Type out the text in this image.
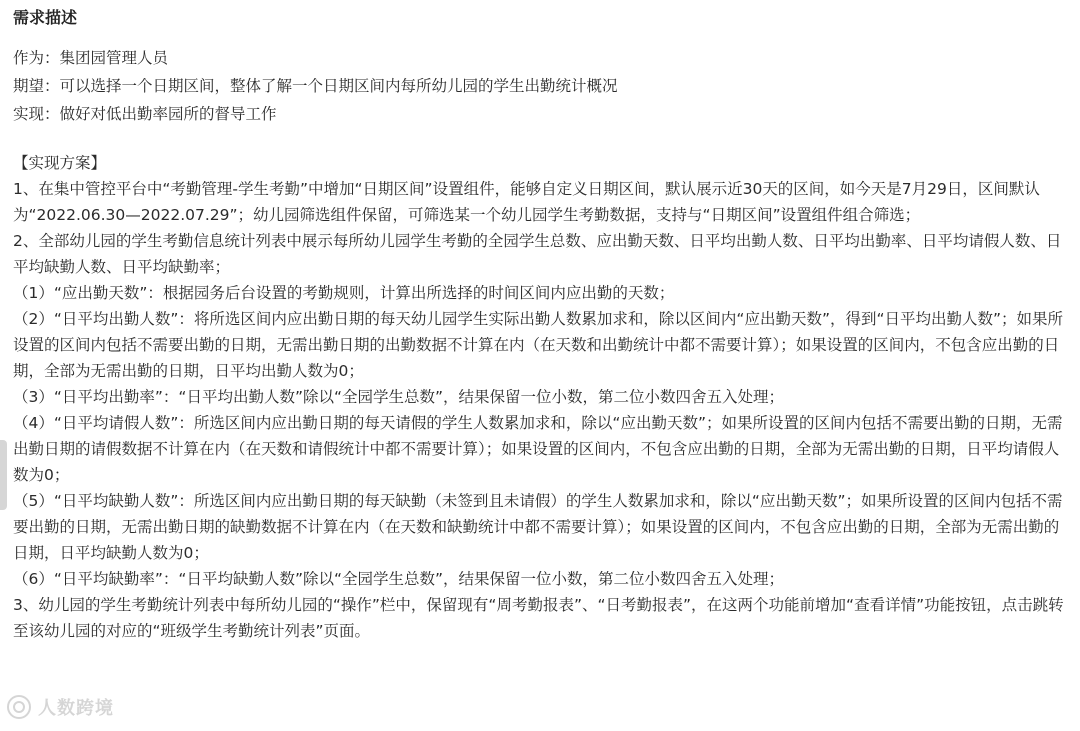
需求描述

作为：集团园管理人员

期望：可以选择一个日期区间，整体了解一个日期区间内每所幼儿园的学生出勤统计概况

实现：做好对低出勤率园所的督导工作

【实现方案】

1、在集中管控平台中“考勤管理-学生考勤”中增加“日期区间”设置组件，能够自定义日期区间，默认展示近30天的区间，如今天是7月29日，区间默认为“2022.06.30—2022.07.29”；幼儿园筛选组件保留，可筛选某一个幼儿园学生考勤数据，支持与“日期区间”设置组件组合筛选；

2、全部幼儿园的学生考勤信息统计列表中展示每所幼儿园学生考勤的全园学生总数、应出勤天数、日平均出勤人数、日平均出勤率、日平均请假人数、日平均缺勤人数、日平均缺勤率；

（1）“应出勤天数”：根据园务后台设置的考勤规则，计算出所选择的时间区间内应出勤的天数；

（2）“日平均出勤人数”：将所选区间内应出勤日期的每天幼儿园学生实际出勤人数累加求和，除以区间内“应出勤天数”，得到“日平均出勤人数”；如果所设置的区间内包括不需要出勤的日期，无需出勤日期的出勤数据不计算在内（在天数和出勤统计中都不需要计算）；如果设置的区间内，不包含应出勤的日期，全部为无需出勤的日期，日平均出勤人数为0；

（3）“日平均出勤率”：“日平均出勤人数”除以“全园学生总数”，结果保留一位小数，第二位小数四舍五入处理；

（4）“日平均请假人数”：所选区间内应出勤日期的每天请假的学生人数累加求和，除以“应出勤天数”；如果所设置的区间内包括不需要出勤的日期，无需出勤日期的请假数据不计算在内（在天数和请假统计中都不需要计算）；如果设置的区间内，不包含应出勤的日期，全部为无需出勤的日期，日平均请假人数为0；

（5）“日平均缺勤人数”：所选区间内应出勤日期的每天缺勤（未签到且未请假）的学生人数累加求和，除以“应出勤天数”；如果所设置的区间内包括不需要出勤的日期，无需出勤日期的缺勤数据不计算在内（在天数和缺勤统计中都不需要计算）；如果设置的区间内，不包含应出勤的日期，全部为无需出勤的日期，日平均缺勤人数为0；

（6）“日平均缺勤率”：“日平均缺勤人数”除以“全园学生总数”，结果保留一位小数，第二位小数四舍五入处理；

3、幼儿园的学生考勤统计列表中每所幼儿园的“操作”栏中，保留现有“周考勤报表”、“日考勤报表”，在这两个功能前增加“查看详情”功能按钮，点击跳转至该幼儿园的对应的“班级学生考勤统计列表”页面。

人数跨境
